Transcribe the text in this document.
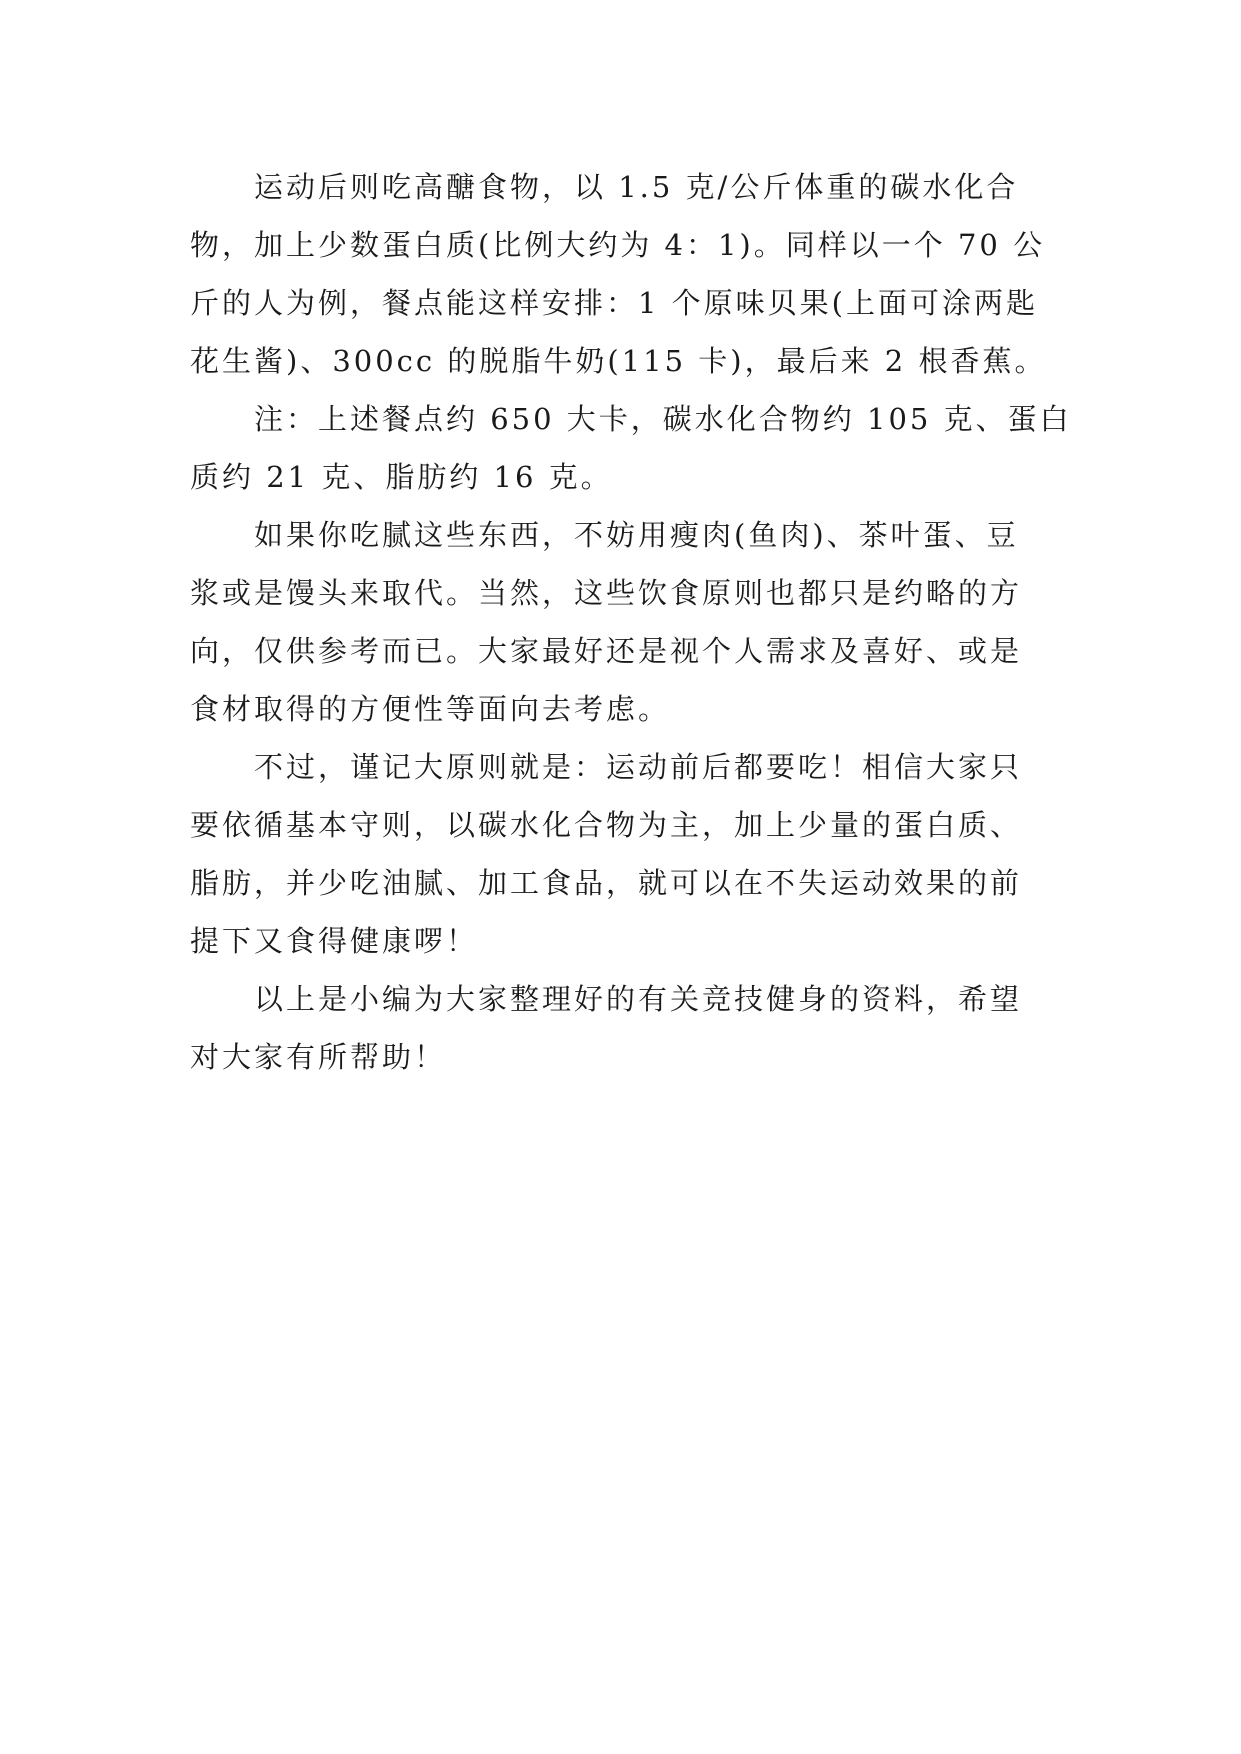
运动后则吃高醣食物，以 1.5 克/公斤体重的碳水化合
物，加上少数蛋白质(比例大约为 4：1)。同样以一个 70 公
斤的人为例，餐点能这样安排：1 个原味贝果(上面可涂两匙
花生酱)、300cc 的脱脂牛奶(115 卡)，最后来 2 根香蕉。
注：上述餐点约 650 大卡，碳水化合物约 105 克、蛋白
质约 21 克、脂肪约 16 克。
如果你吃腻这些东西，不妨用瘦肉(鱼肉)、茶叶蛋、豆
浆或是馒头来取代。当然，这些饮食原则也都只是约略的方
向，仅供参考而已。大家最好还是视个人需求及喜好、或是
食材取得的方便性等面向去考虑。
不过，谨记大原则就是：运动前后都要吃！相信大家只
要依循基本守则，以碳水化合物为主，加上少量的蛋白质、
脂肪，并少吃油腻、加工食品，就可以在不失运动效果的前
提下又食得健康啰！
以上是小编为大家整理好的有关竞技健身的资料，希望
对大家有所帮助！
